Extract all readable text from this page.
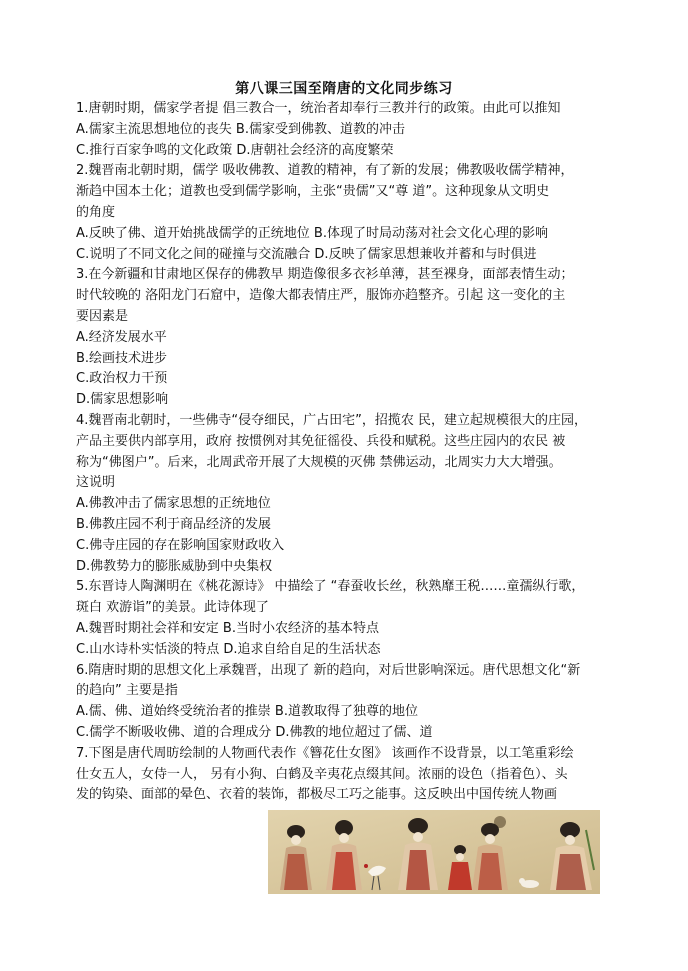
第八课三国至隋唐的文化同步练习
1.唐朝时期，儒家学者提 倡三教合一，统治者却奉行三教并行的政策。由此可以推知
A.儒家主流思想地位的丧失 B.儒家受到佛教、道教的冲击
C.推行百家争鸣的文化政策 D.唐朝社会经济的高度繁荣
2.魏晋南北朝时期，儒学 吸收佛教、道教的精神，有了新的发展；佛教吸收儒学精神，
渐趋中国本土化；道教也受到儒学影响，主张“贵儒”又“尊 道”。这种现象从文明史
的角度
A.反映了佛、道开始挑战儒学的正统地位 B.体现了时局动荡对社会文化心理的影响
C.说明了不同文化之间的碰撞与交流融合 D.反映了儒家思想兼收并蓄和与时俱进
3.在今新疆和甘肃地区保存的佛教早 期造像很多衣衫单薄，甚至裸身，面部表情生动；
时代较晚的 洛阳龙门石窟中，造像大都表情庄严，服饰亦趋整齐。引起 这一变化的主
要因素是
A.经济发展水平
B.绘画技术进步
C.政治权力干预
D.儒家思想影响
4.魏晋南北朝时，一些佛寺“侵夺细民，广占田宅”，招揽农 民，建立起规模很大的庄园，
产品主要供内部享用，政府 按惯例对其免征徭役、兵役和赋税。这些庄园内的农民 被
称为“佛图户”。后来，北周武帝开展了大规模的灭佛 禁佛运动，北周实力大大增强。
这说明
A.佛教冲击了儒家思想的正统地位
B.佛教庄园不利于商品经济的发展
C.佛寺庄园的存在影响国家财政收入
D.佛教势力的膨胀威胁到中央集权
5.东晋诗人陶渊明在《桃花源诗》 中描绘了 “春蚕收长丝，秋熟靡王税……童孺纵行歌，
斑白 欢游诣”的美景。此诗体现了
A.魏晋时期社会祥和安定 B.当时小农经济的基本特点
C.山水诗朴实恬淡的特点 D.追求自给自足的生活状态
6.隋唐时期的思想文化上承魏晋，出现了 新的趋向，对后世影响深远。唐代思想文化“新
的趋向” 主要是指
A.儒、佛、道始终受统治者的推崇 B.道教取得了独尊的地位
C.儒学不断吸收佛、道的合理成分 D.佛教的地位超过了儒、道
7.下图是唐代周昉绘制的人物画代表作《簪花仕女图》 该画作不设背景，以工笔重彩绘
仕女五人，女侍一人， 另有小狗、白鹤及辛夷花点缀其间。浓丽的设色（指着色）、头
发的钩染、面部的晕色、衣着的装饰，都极尽工巧之能事。这反映出中国传统人物画
